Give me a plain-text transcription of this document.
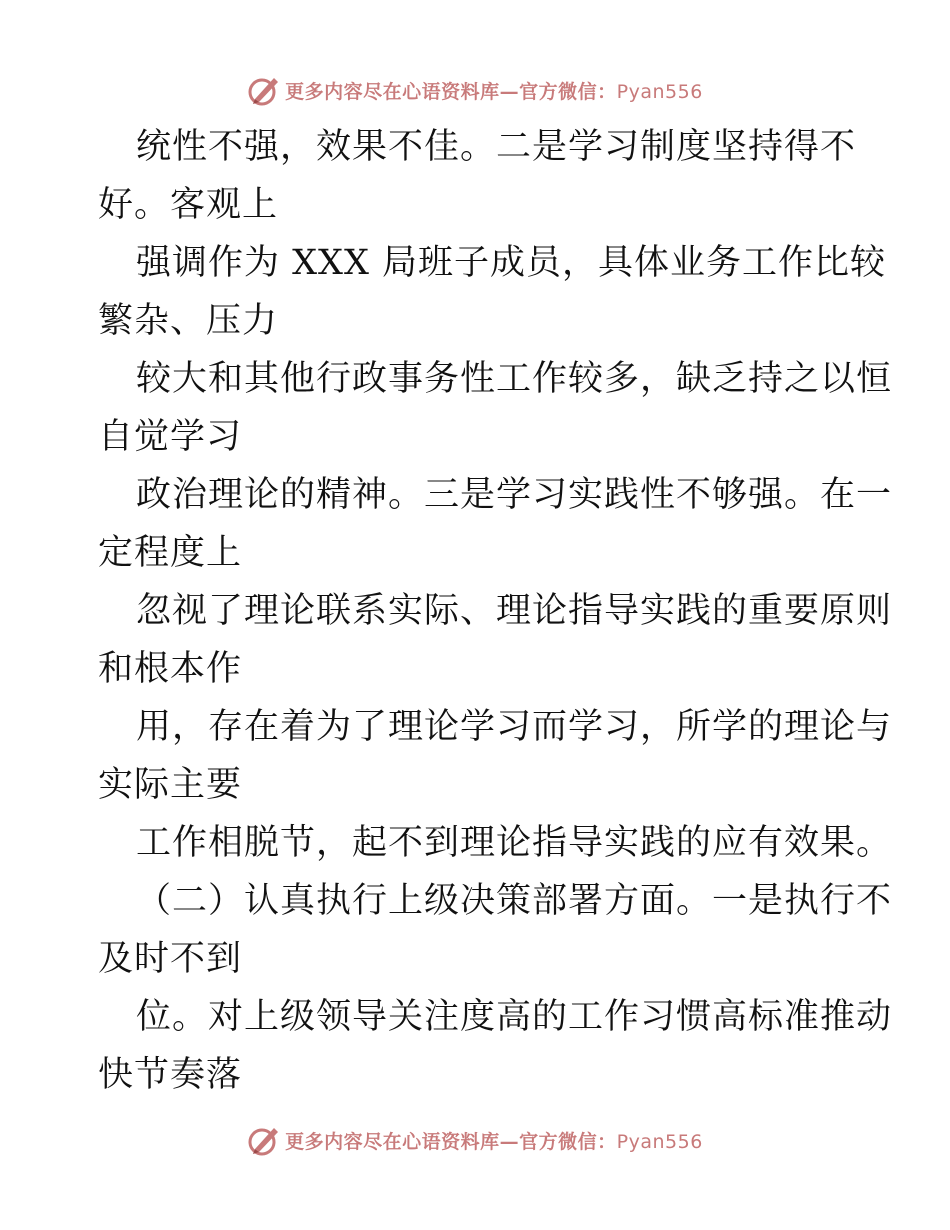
更多内容尽在心语资料库—官方微信：Pyan556
统性不强，效果不佳。二是学习制度坚持得不
好。客观上
强调作为 XXX 局班子成员，具体业务工作比较
繁杂、压力
较大和其他行政事务性工作较多，缺乏持之以恒
自觉学习
政治理论的精神。三是学习实践性不够强。在一
定程度上
忽视了理论联系实际、理论指导实践的重要原则
和根本作
用，存在着为了理论学习而学习，所学的理论与
实际主要
工作相脱节，起不到理论指导实践的应有效果。
（二）认真执行上级决策部署方面。一是执行不
及时不到
位。对上级领导关注度高的工作习惯高标准推动
快节奏落
更多内容尽在心语资料库—官方微信：Pyan556
